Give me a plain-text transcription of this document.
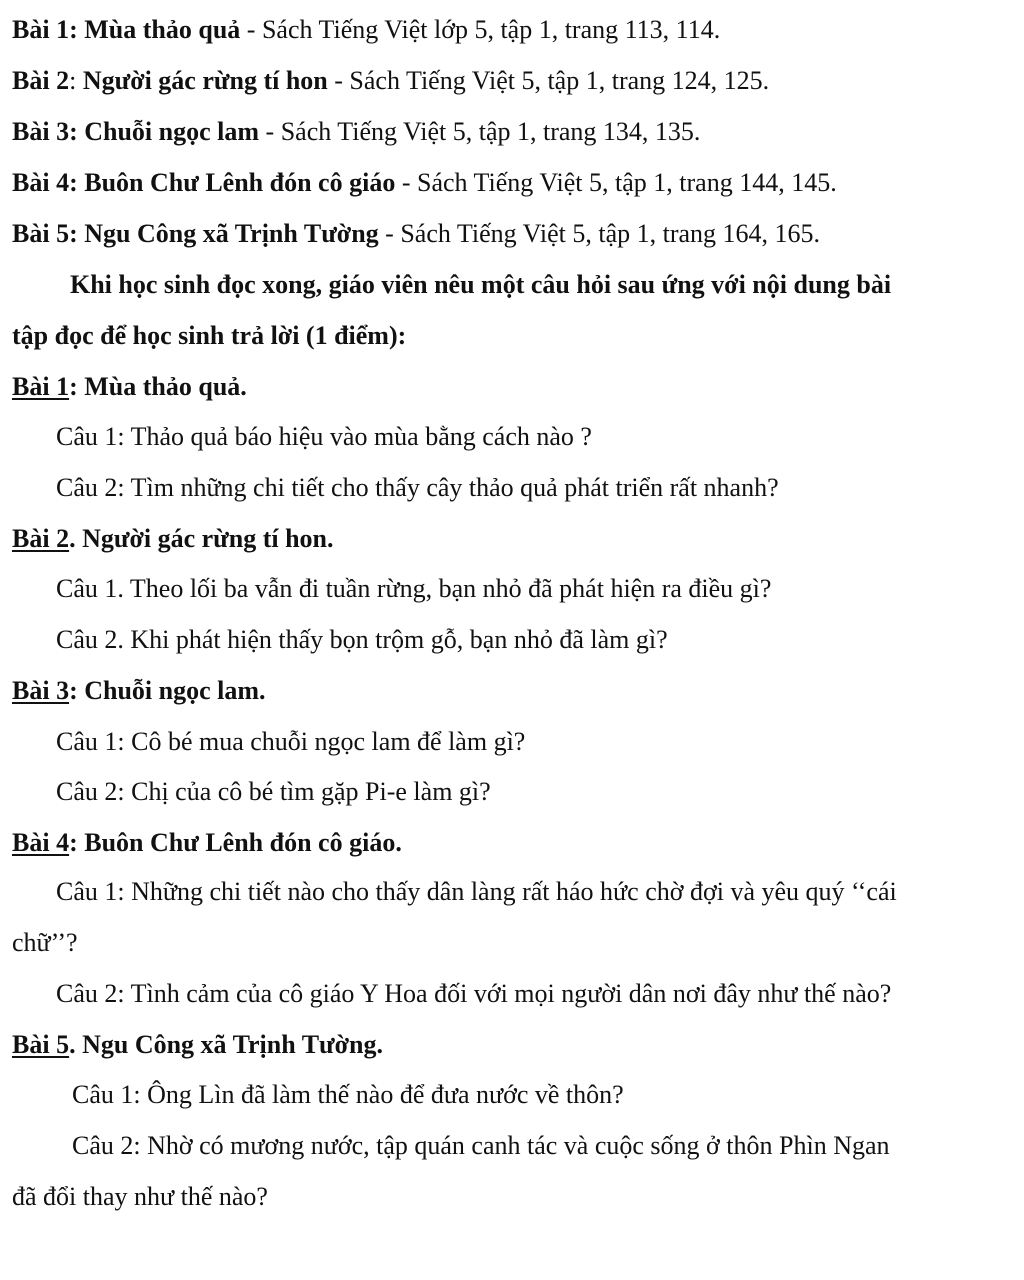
Bài 1: Mùa thảo quả - Sách Tiếng Việt lớp 5, tập 1, trang 113, 114.
Bài 2: Người gác rừng tí hon - Sách Tiếng Việt 5, tập 1, trang 124, 125.
Bài 3: Chuỗi ngọc lam - Sách Tiếng Việt 5, tập 1, trang 134, 135.
Bài 4: Buôn Chư Lênh đón cô giáo - Sách Tiếng Việt 5, tập 1, trang 144, 145.
Bài 5: Ngu Công xã Trịnh Tường - Sách Tiếng Việt 5, tập 1, trang 164, 165.
Khi học sinh đọc xong, giáo viên nêu một câu hỏi sau ứng với nội dung bài
tập đọc để học sinh trả lời (1 điểm):
Bài 1: Mùa thảo quả.
Câu 1: Thảo quả báo hiệu vào mùa bằng cách nào ?
Câu 2: Tìm những chi tiết cho thấy cây thảo quả phát triển rất nhanh?
Bài 2. Người gác rừng tí hon.
Câu 1. Theo lối ba vẫn đi tuần rừng, bạn nhỏ đã phát hiện ra điều gì?
Câu 2. Khi phát hiện thấy bọn trộm gỗ, bạn nhỏ đã làm gì?
Bài 3: Chuỗi ngọc lam.
Câu 1: Cô bé mua chuỗi ngọc lam để làm gì?
Câu 2: Chị của cô bé tìm gặp Pi-e làm gì?
Bài 4: Buôn Chư Lênh đón cô giáo.
Câu 1: Những chi tiết nào cho thấy dân làng rất háo hức chờ đợi và yêu quý ‘‘cái
chữ’’?
Câu 2: Tình cảm của cô giáo Y Hoa đối với mọi người dân nơi đây như thế nào?
Bài 5. Ngu Công xã Trịnh Tường.
Câu 1: Ông Lìn đã làm thế nào để đưa nước về thôn?
Câu 2: Nhờ có mương nước, tập quán canh tác và cuộc sống ở thôn Phìn Ngan
đã đổi thay như thế nào?
